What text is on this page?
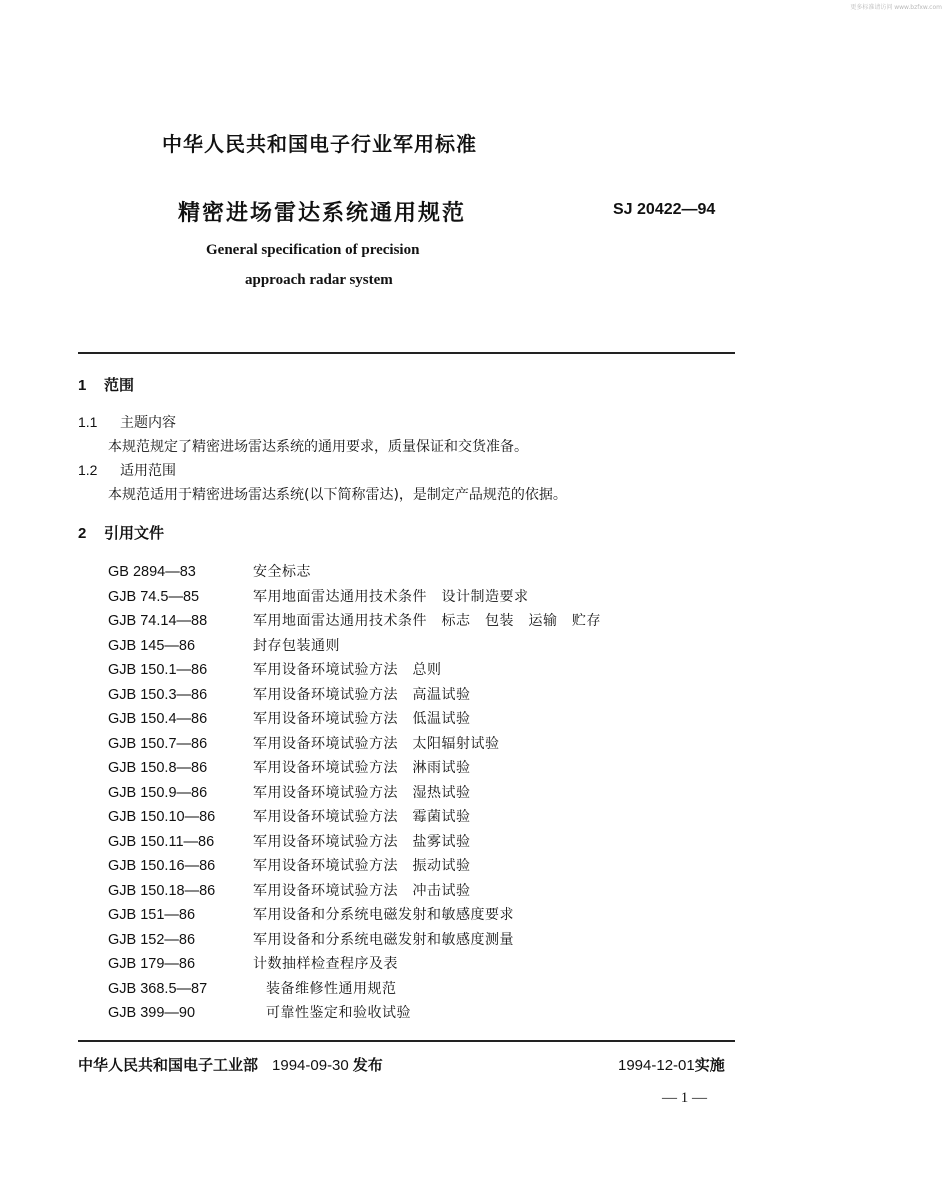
更多标准请访问 www.bzfxw.com
中华人民共和国电子行业军用标准
精密进场雷达系统通用规范	SJ 20422—94
General specification of precision
approach radar system
1 范围
1.1 主题内容
本规范规定了精密进场雷达系统的通用要求，质量保证和交货准备。
1.2 适用范围
本规范适用于精密进场雷达系统(以下简称雷达)，是制定产品规范的依据。
2 引用文件
GB 2894—83	安全标志
GJB 74.5—85	军用地面雷达通用技术条件　设计制造要求
GJB 74.14—88	军用地面雷达通用技术条件　标志　包装　运输　贮存
GJB 145—86	封存包装通则
GJB 150.1—86	军用设备环境试验方法　总则
GJB 150.3—86	军用设备环境试验方法　高温试验
GJB 150.4—86	军用设备环境试验方法　低温试验
GJB 150.7—86	军用设备环境试验方法　太阳辐射试验
GJB 150.8—86	军用设备环境试验方法　淋雨试验
GJB 150.9—86	军用设备环境试验方法　湿热试验
GJB 150.10—86	军用设备环境试验方法　霉菌试验
GJB 150.11—86	军用设备环境试验方法　盐雾试验
GJB 150.16—86	军用设备环境试验方法　振动试验
GJB 150.18—86	军用设备环境试验方法　冲击试验
GJB 151—86	军用设备和分系统电磁发射和敏感度要求
GJB 152—86	军用设备和分系统电磁发射和敏感度测量
GJB 179—86	计数抽样检查程序及表
GJB 368.5—87	装备维修性通用规范
GJB 399—90	可靠性鉴定和验收试验
中华人民共和国电子工业部 1994-09-30 发布	1994-12-01实施
— 1 —
